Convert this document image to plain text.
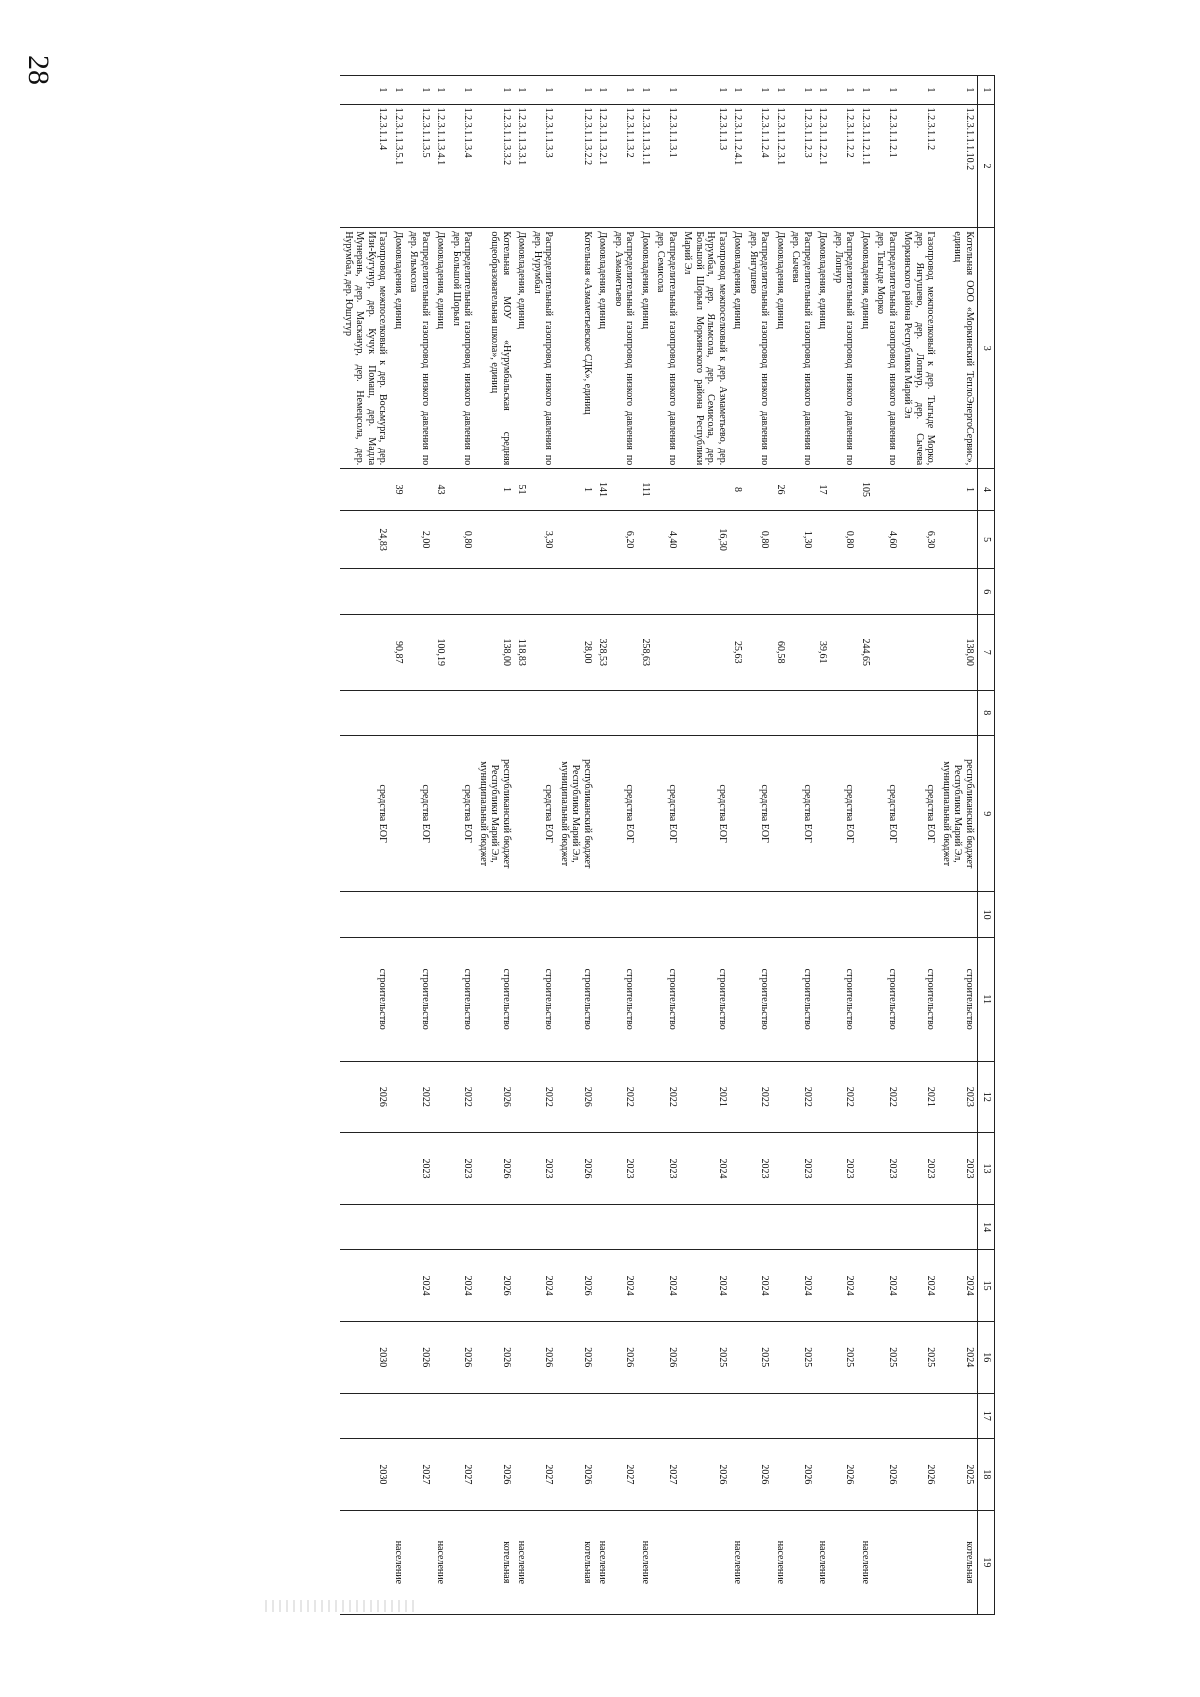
28
1	2	3	4	5	6	7	8	9	10	11	12	13	14	15	16	17	18	19
1	1.2.3.1.1.1.10.2	Котельная ООО «Моркинский ТеплоЭнергоСервис», единиц	1			138,00		республиканский бюджет Республики Марий Эл, муниципальный бюджет		строительство	2023	2023		2024	2024		2025	котельная
1	1.2.3.1.1.2	Газопровод межпоселковый к дер. Тыгыде Морко, дер. Янгушево, дер. Лопнур, дер. Сычева Моркинского района Республики Марий Эл		6,30				средства ЕОГ		строительство	2021	2023		2024	2025		2026	
1	1.2.3.1.1.2.1	Распределительный газопровод низкого давления по дер. Тыгыде Морко		4,60				средства ЕОГ		строительство	2022	2023		2024	2025		2026	
1	1.2.3.1.1.2.1.1	Домовладения, единиц	105			244,65												население
1	1.2.3.1.1.2.2	Распределительный газопровод низкого давления по дер. Лопнур		0,80				средства ЕОГ		строительство	2022	2023		2024	2025		2026	
1	1.2.3.1.1.2.2.1	Домовладения, единиц	17			39,61												население
1	1.2.3.1.1.2.3	Распределительный газопровод низкого давления по дер. Сычева		1,30				средства ЕОГ		строительство	2022	2023		2024	2025		2026	
1	1.2.3.1.1.2.3.1	Домовладения, единиц	26			60,58												население
1	1.2.3.1.1.2.4	Распределительный газопровод низкого давления по дер. Янгушево		0,80				средства ЕОГ		строительство	2022	2023		2024	2025		2026	
1	1.2.3.1.1.2.4.1	Домовладения, единиц	8			25,63												население
1	1.2.3.1.1.3	Газопровод межпоселковый к дер. Азмаметьево, дер. Нурумбал, дер. Яльмсола, дер. Семисола, дер. Большой Шорьял Моркинского района Республики Марий Эл		16,30				средства ЕОГ		строительство	2021	2024		2024	2025		2026	
1	1.2.3.1.1.3.1	Распределительный газопровод низкого давления по дер. Семисола		4,40				средства ЕОГ		строительство	2022	2023		2024	2026		2027	
1	1.2.3.1.1.3.1.1	Домовладения, единиц	111			258,63												население
1	1.2.3.1.1.3.2	Распределительный газопровод низкого давления по дер. Азмаметьево		6,20				средства ЕОГ		строительство	2022	2023		2024	2026		2027	
1	1.2.3.1.1.3.2.1	Домовладения, единиц	141			328,53												население
1	1.2.3.1.1.3.2.2	Котельная «Азмаметьевское СДК», единиц	1			28,00		республиканский бюджет Республики Марий Эл, муниципальный бюджет		строительство	2026	2026		2026	2026		2026	котельная
1	1.2.3.1.1.3.3	Распределительный газопровод низкого давления по дер. Нурумбал		3,30				средства ЕОГ		строительство	2022	2023		2024	2026		2027	
1	1.2.3.1.1.3.3.1	Домовладения, единиц	51			118,83												население
1	1.2.3.1.1.3.3.2	Котельная МОУ «Нурумбальская средняя общеобразовательная школа», единиц	1			138,00		республиканский бюджет Республики Марий Эл, муниципальный бюджет		строительство	2026	2026		2026	2026		2026	котельная
1	1.2.3.1.1.3.4	Распределительный газопровод низкого давления по дер. Большой Шорьял		0,80				средства ЕОГ		строительство	2022	2023		2024	2026		2027	
1	1.2.3.1.1.3.4.1	Домовладения, единиц	43			100,19												население
1	1.2.3.1.1.3.5	Распределительный газопровод низкого давления по дер. Яльмсола		2,00				средства ЕОГ		строительство	2022	2023		2024	2026		2027	
1	1.2.3.1.1.3.5.1	Домовладения, единиц	39			90,87												население
1	1.2.3.1.1.4	Газопровод межпоселковый к дер. Восьмурга, дер. Изи-Кугунур, дер. Кучук Помаш, дер. Мадла Мунерань, дер. Масканур, дер. Немецсола, дер. Нурумбал, дер. Юшутур		24,83				средства ЕОГ		строительство	2026				2030		2030	
